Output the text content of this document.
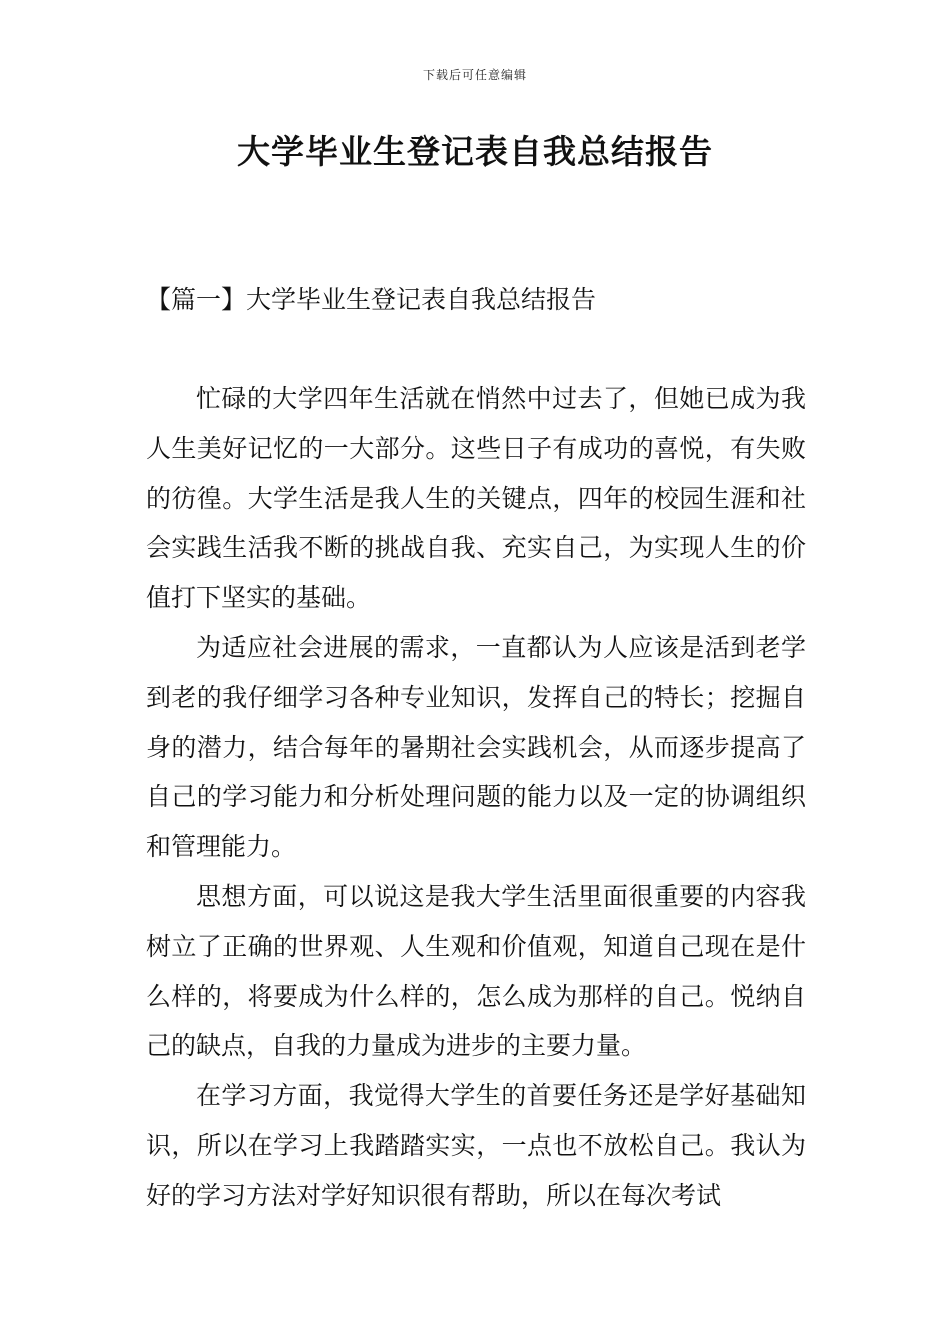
下载后可任意编辑
大学毕业生登记表自我总结报告
【篇一】大学毕业生登记表自我总结报告

忙碌的大学四年生活就在悄然中过去了，但她已成为我人生美好记忆的一大部分。这些日子有成功的喜悦，有失败的彷徨。大学生活是我人生的关键点，四年的校园生涯和社会实践生活我不断的挑战自我、充实自己，为实现人生的价值打下坚实的基础。

为适应社会进展的需求，一直都认为人应该是活到老学到老的我仔细学习各种专业知识，发挥自己的特长；挖掘自身的潜力，结合每年的暑期社会实践机会，从而逐步提高了自己的学习能力和分析处理问题的能力以及一定的协调组织和管理能力。

思想方面，可以说这是我大学生活里面很重要的内容我树立了正确的世界观、人生观和价值观，知道自己现在是什么样的，将要成为什么样的，怎么成为那样的自己。悦纳自己的缺点，自我的力量成为进步的主要力量。

在学习方面，我觉得大学生的首要任务还是学好基础知识，所以在学习上我踏踏实实，一点也不放松自己。我认为好的学习方法对学好知识很有帮助，所以在每次考试
